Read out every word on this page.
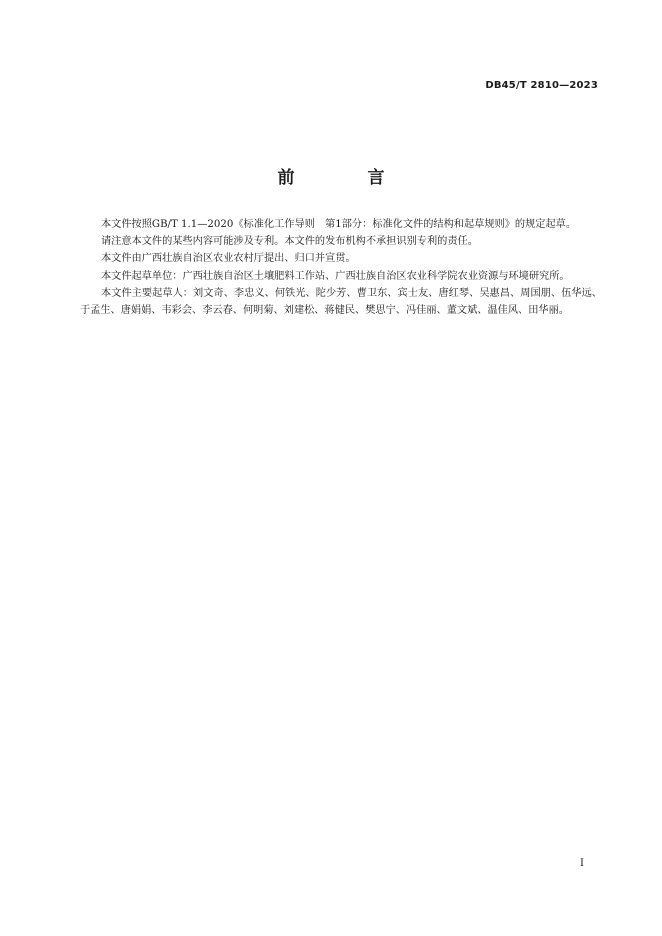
DB45/T 2810—2023
前　言

本文件按照GB/T 1.1—2020《标准化工作导则　第1部分：标准化文件的结构和起草规则》的规定起草。

请注意本文件的某些内容可能涉及专利。本文件的发布机构不承担识别专利的责任。

本文件由广西壮族自治区农业农村厅提出、归口并宣贯。

本文件起草单位：广西壮族自治区土壤肥料工作站、广西壮族自治区农业科学院农业资源与环境研究所。

本文件主要起草人：刘文奇、李忠义、何铁光、陀少芳、曹卫东、宾士友、唐红琴、吴惠昌、周国朋、伍华远、于孟生、唐娟娟、韦彩会、李云春、何明菊、刘建松、蒋健民、樊思宁、冯佳丽、董文斌、温佳风、田华丽。

I
